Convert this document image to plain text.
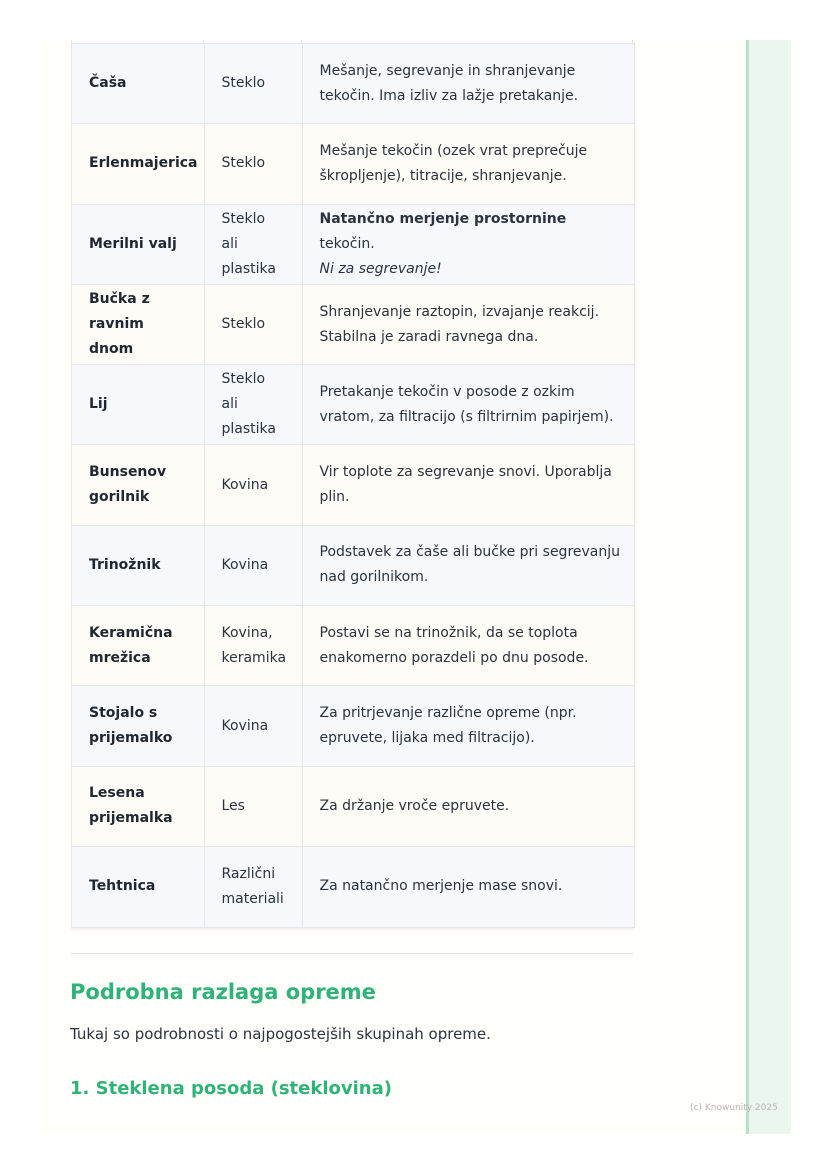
Čaša	Steklo	Mešanje, segrevanje in shranjevanje tekočin. Ima izliv za lažje pretakanje.
Erlenmajerica	Steklo	Mešanje tekočin (ozek vrat preprečuje škropljenje), titracije, shranjevanje.
Merilni valj	Steklo ali plastika	Natančno merjenje prostornine tekočin.
Ni za segrevanje!
Bučka z ravnim dnom	Steklo	Shranjevanje raztopin, izvajanje reakcij. Stabilna je zaradi ravnega dna.
Lij	Steklo ali plastika	Pretakanje tekočin v posode z ozkim vratom, za filtracijo (s filtrirnim papirjem).
Bunsenov gorilnik	Kovina	Vir toplote za segrevanje snovi. Uporablja plin.
Trinožnik	Kovina	Podstavek za čaše ali bučke pri segrevanju nad gorilnikom.
Keramična mrežica	Kovina, keramika	Postavi se na trinožnik, da se toplota enakomerno porazdeli po dnu posode.
Stojalo s prijemalko	Kovina	Za pritrjevanje različne opreme (npr. epruvete, lijaka med filtracijo).
Lesena prijemalka	Les	Za držanje vroče epruvete.
Tehtnica	Različni materiali	Za natančno merjenje mase snovi.
Podrobna razlaga opreme
Tukaj so podrobnosti o najpogostejših skupinah opreme.
1. Steklena posoda (steklovina)
(c) Knowunity 2025
